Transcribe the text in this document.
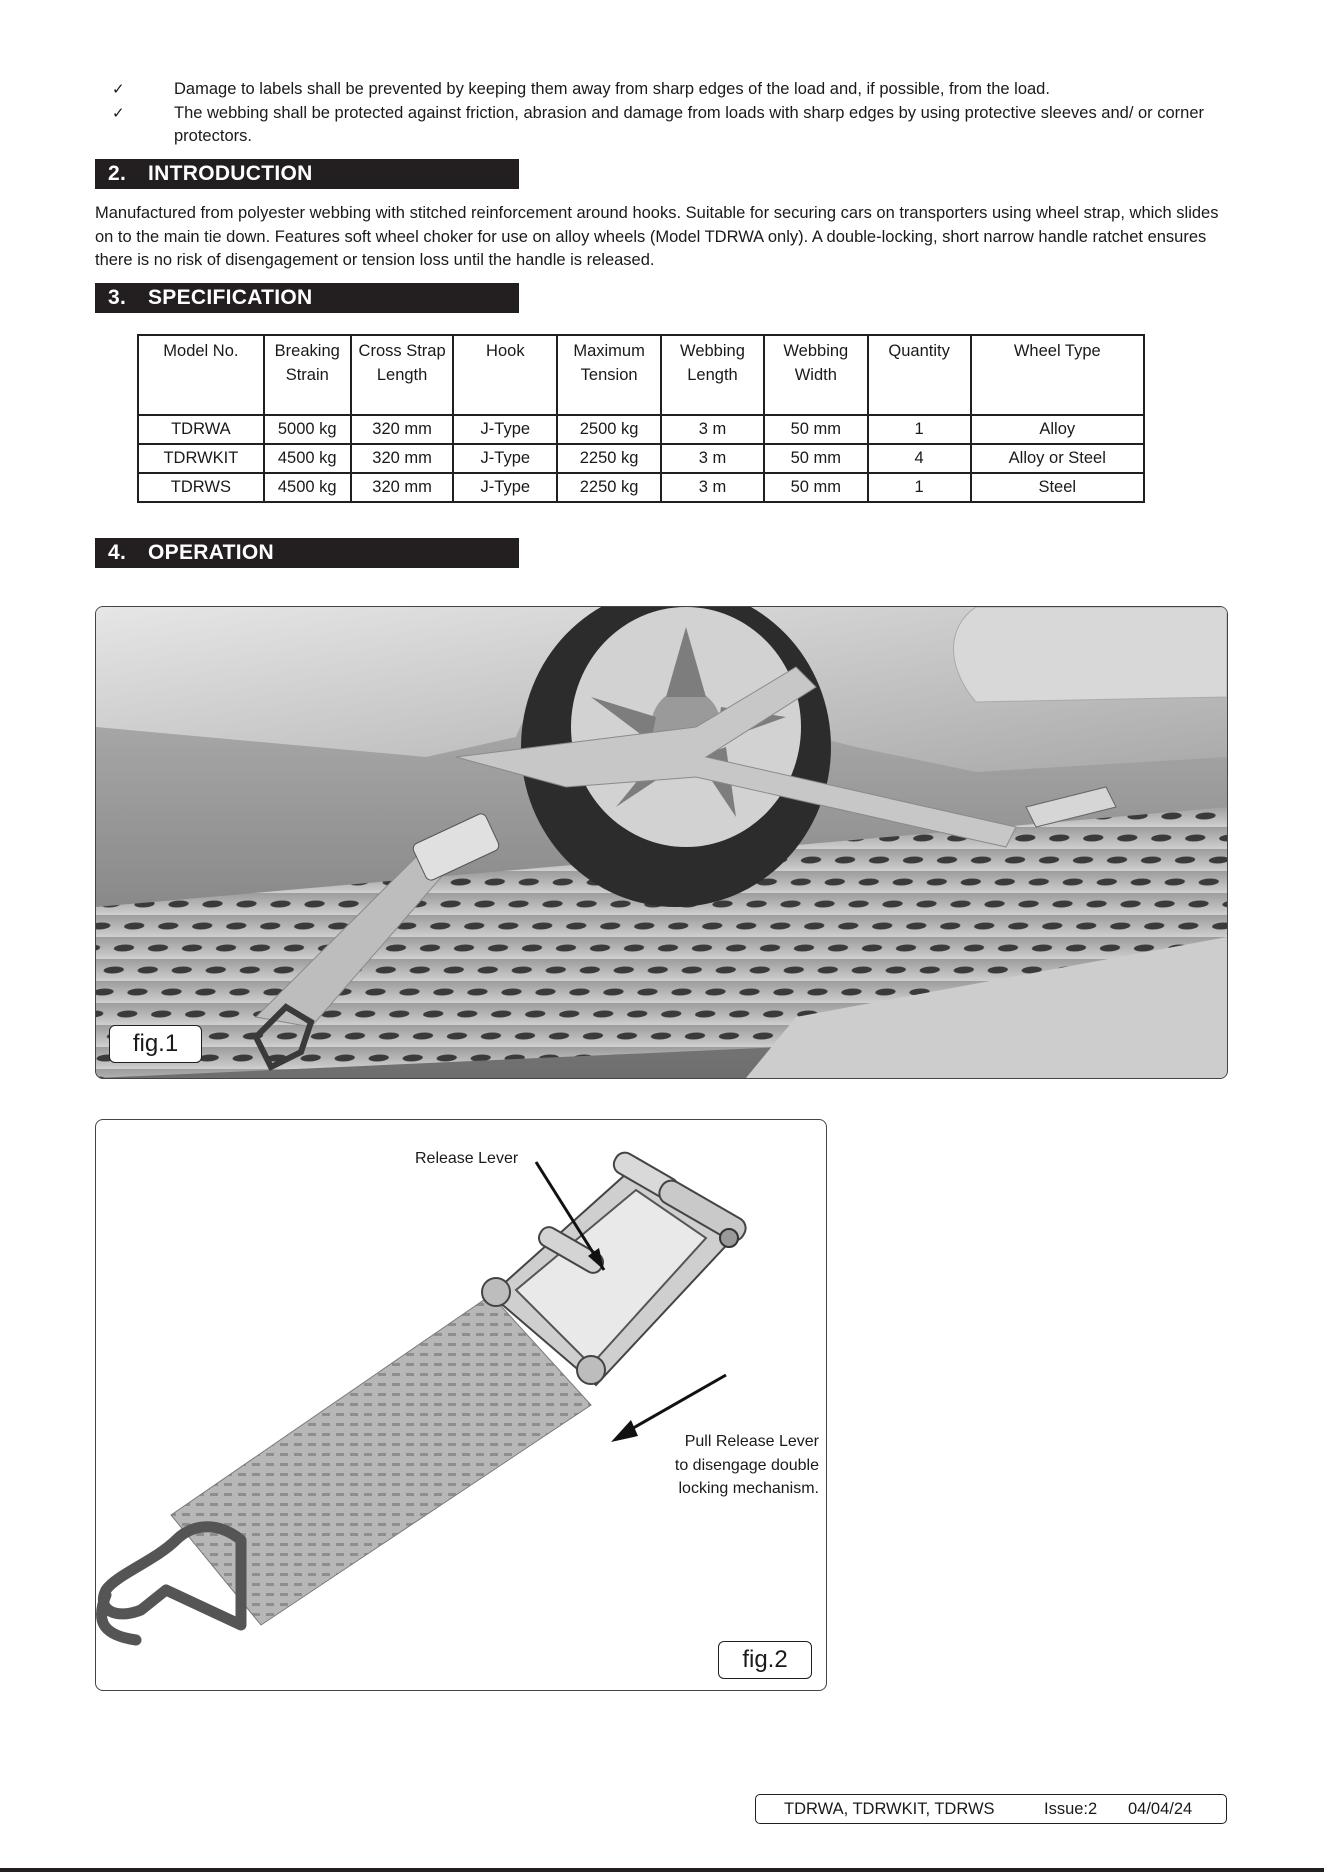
✓	Damage to labels shall be prevented by keeping them away from sharp edges of the load and, if possible, from the load.
✓	The webbing shall be protected against friction, abrasion and damage from loads with sharp edges by using protective sleeves and/ or corner protectors.
2. INTRODUCTION
Manufactured from polyester webbing with stitched reinforcement around hooks. Suitable for securing cars on transporters using wheel strap, which slides on to the main tie down. Features soft wheel choker for use on alloy wheels (Model TDRWA only). A double-locking, short narrow handle ratchet ensures there is no risk of disengagement or tension loss until the handle is released.
3. SPECIFICATION
Model No.	Breaking Strain	Cross Strap Length	Hook	Maximum Tension	Webbing Length	Webbing Width	Quantity	Wheel Type
TDRWA	5000 kg	320 mm	J-Type	2500 kg	3 m	50 mm	1	Alloy
TDRWKIT	4500 kg	320 mm	J-Type	2250 kg	3 m	50 mm	4	Alloy or Steel
TDRWS	4500 kg	320 mm	J-Type	2250 kg	3 m	50 mm	1	Steel
4. OPERATION
fig.1
Release Lever
Pull Release Lever
to disengage double
locking mechanism.
fig.2
TDRWA, TDRWKIT, TDRWS	Issue:2 04/04/24
